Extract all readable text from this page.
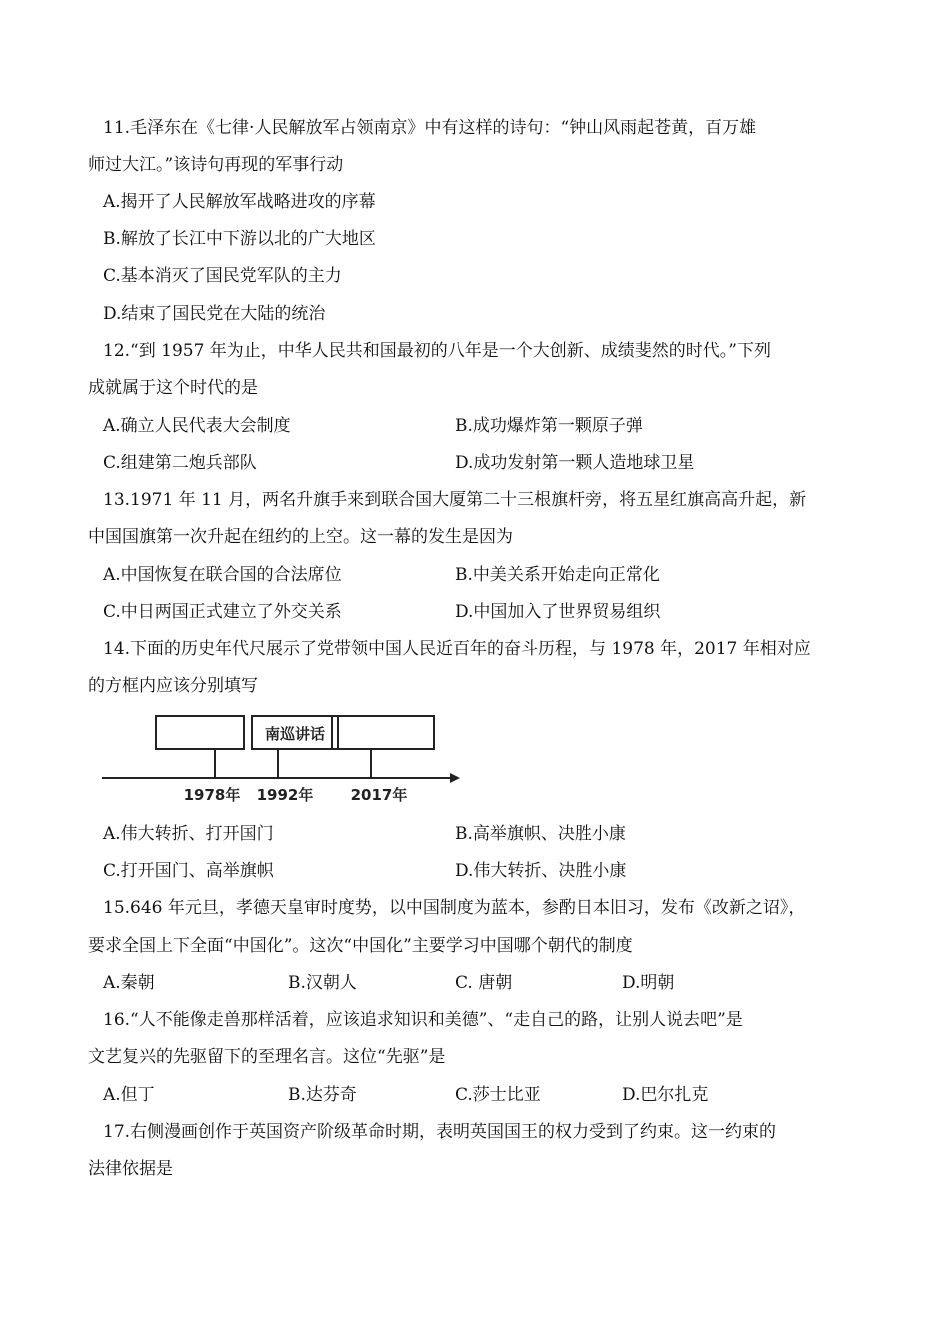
11.毛泽东在《七律·人民解放军占领南京》中有这样的诗句：“钟山风雨起苍黄，百万雄
师过大江。”该诗句再现的军事行动
A.揭开了人民解放军战略进攻的序幕
B.解放了长江中下游以北的广大地区
C.基本消灭了国民党军队的主力
D.结束了国民党在大陆的统治
12.“到 1957 年为止，中华人民共和国最初的八年是一个大创新、成绩斐然的时代。”下列
成就属于这个时代的是
A.确立人民代表大会制度	B.成功爆炸第一颗原子弹
C.组建第二炮兵部队	D.成功发射第一颗人造地球卫星
13.1971 年 11 月，两名升旗手来到联合国大厦第二十三根旗杆旁，将五星红旗高高升起，新
中国国旗第一次升起在纽约的上空。这一幕的发生是因为
A.中国恢复在联合国的合法席位	B.中美关系开始走向正常化
C.中日两国正式建立了外交关系	D.中国加入了世界贸易组织
14.下面的历史年代尺展示了党带领中国人民近百年的奋斗历程，与 1978 年，2017 年相对应
的方框内应该分别填写
南巡讲话
1978年 1992年 2017年
A.伟大转折、打开国门	B.高举旗帜、决胜小康
C.打开国门、高举旗帜	D.伟大转折、决胜小康
15.646 年元旦，孝德天皇审时度势，以中国制度为蓝本，参酌日本旧习，发布《改新之诏》，
要求全国上下全面“中国化”。这次“中国化”主要学习中国哪个朝代的制度
A.秦朝	B.汉朝人	C. 唐朝	D.明朝
16.“人不能像走兽那样活着，应该追求知识和美德”、“走自己的路，让别人说去吧”是
文艺复兴的先驱留下的至理名言。这位“先驱”是
A.但丁	B.达芬奇	C.莎士比亚	D.巴尔扎克
17.右侧漫画创作于英国资产阶级革命时期，表明英国国王的权力受到了约束。这一约束的
法律依据是
